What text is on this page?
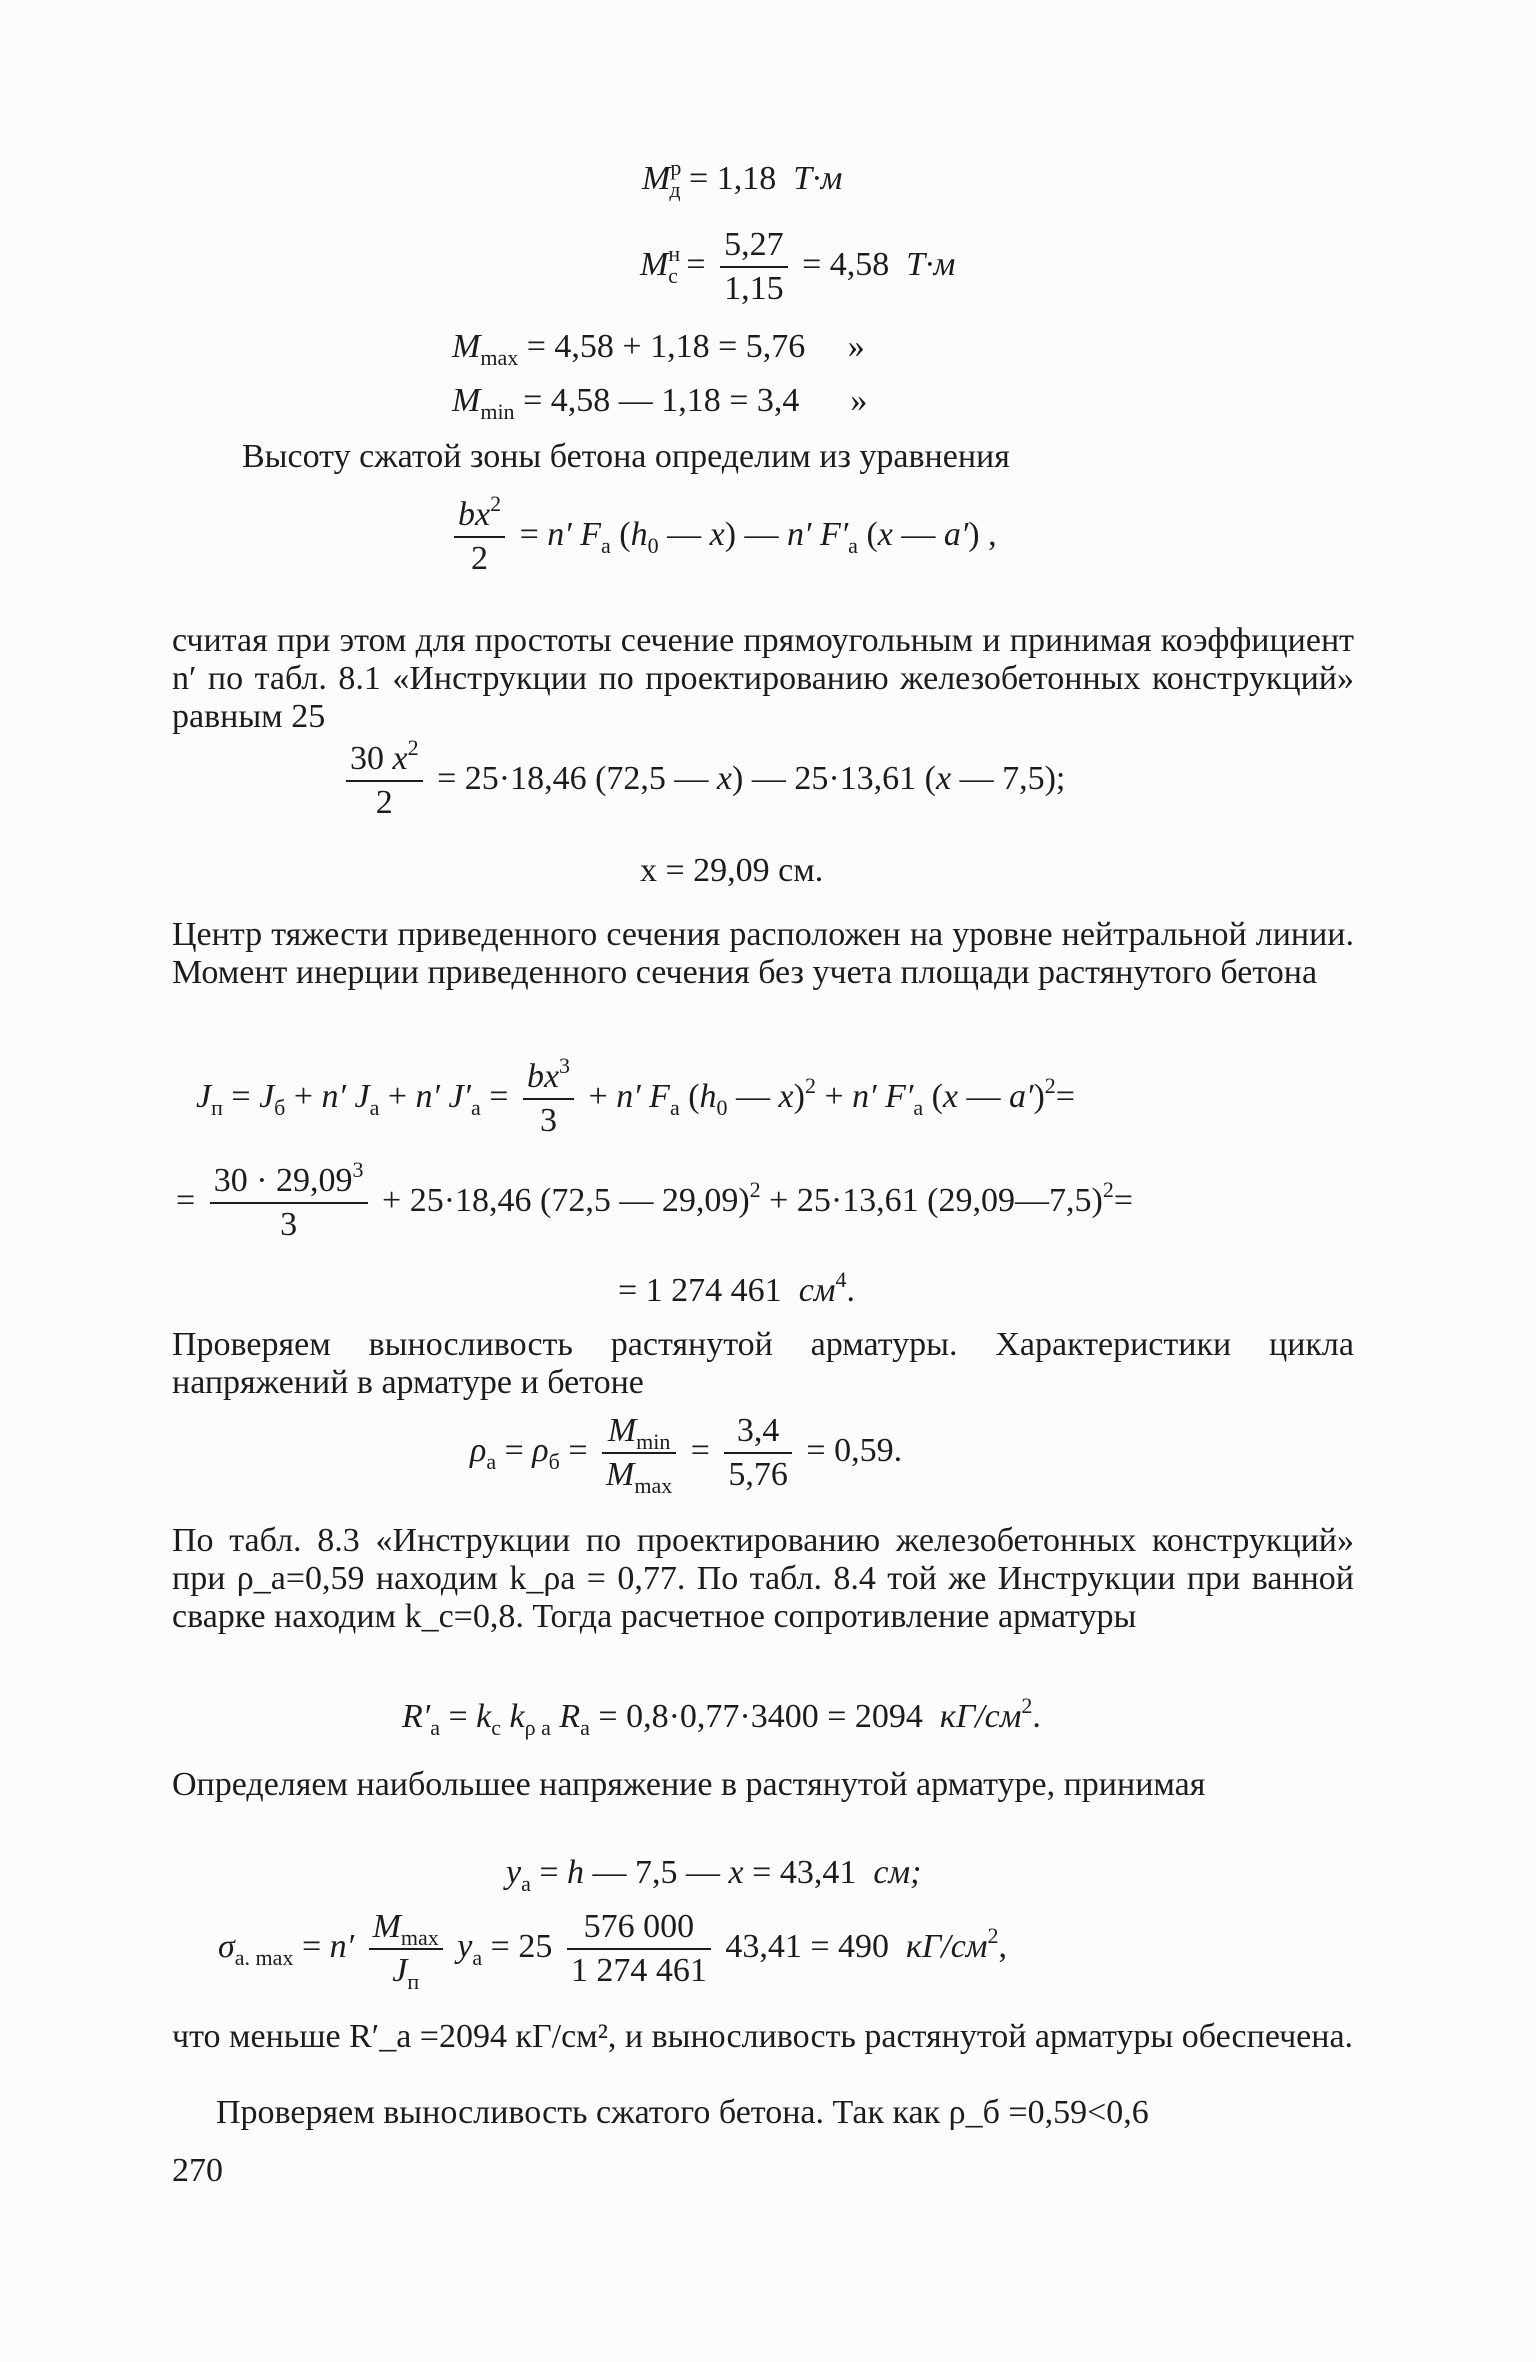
$M^р_д = 1,18$  Т·м
$M^н_с = \frac{5,27}{1,15} = 4,58$  Т·м
$M_{max} = 4,58 + 1,18 = 5,76$     »
$M_{min} = 4,58$ — 1,18 = 3,4      »
Высоту сжатой зоны бетона определим из уравнения
$\frac{bx^2}{2} = n'$ $F_a$ ($h_0$ — x) — n′ $F'_a$ (x — a′) ,
считая при этом для простоты сечение прямоугольным и принимая коэффициент n′ по табл. 8.1 «Инструкции по проектированию железобетонных конструкций» равным 25
$\frac{30 x^2}{2} = 25\cdot 18,46$ (72,5 — x) — 25·13,61 (x — 7,5);
x = 29,09 см.
Центр тяжести приведенного сечения расположен на уровне нейтральной линии. Момент инерции приведенного сечения без учета площади растянутого бетона
$J_п = J_б + n'$ $J_a + n'$ $J'_a = \frac{bx^3}{3} + n'$ $F_a$ ($h_0$ — x)$^2$ + n′ $F'_a$ (x — a′)$^2$=
= $\frac{30 \cdot 29,09^3}{3} + 25\cdot 18,46$ (72,5 — 29,09)$^2$ + 25·13,61 (29,09—7,5)$^2$=
= 1 274 461  $см^4$.
Проверяем выносливость растянутой арматуры. Характеристики цикла напряжений в арматуре и бетоне
$\rho_a = \rho_б = \frac{M_{min}}{M_{max}} = \frac{3,4}{5,76} = 0,59$.
По табл. 8.3 «Инструкции по проектированию железобетонных конструкций» при ρ_a=0,59 находим k_ρa = 0,77. По табл. 8.4 той же Инструкции при ванной сварке находим k_c=0,8. Тогда расчетное сопротивление арматуры
$R'_a = k_c$ $k_{\rho a}$ $R_a = 0,8\cdot 0,77\cdot 3400 = 2094$  $кГ/см^2$.
Определяем наибольшее напряжение в растянутой арматуре, принимая
$y_a = h$ — 7,5 — x = 43,41  см;
$\sigma_{a. max} = n' \frac{M_{max}}{J_п} y_a = 25 \frac{576 000}{1 274 461} 43,41 = 490$  $кГ/см^2$,
что меньше R′_a =2094 кГ/см², и выносливость растянутой арматуры обеспечена.
Проверяем выносливость сжатого бетона. Так как ρ_б =0,59<0,6
270
